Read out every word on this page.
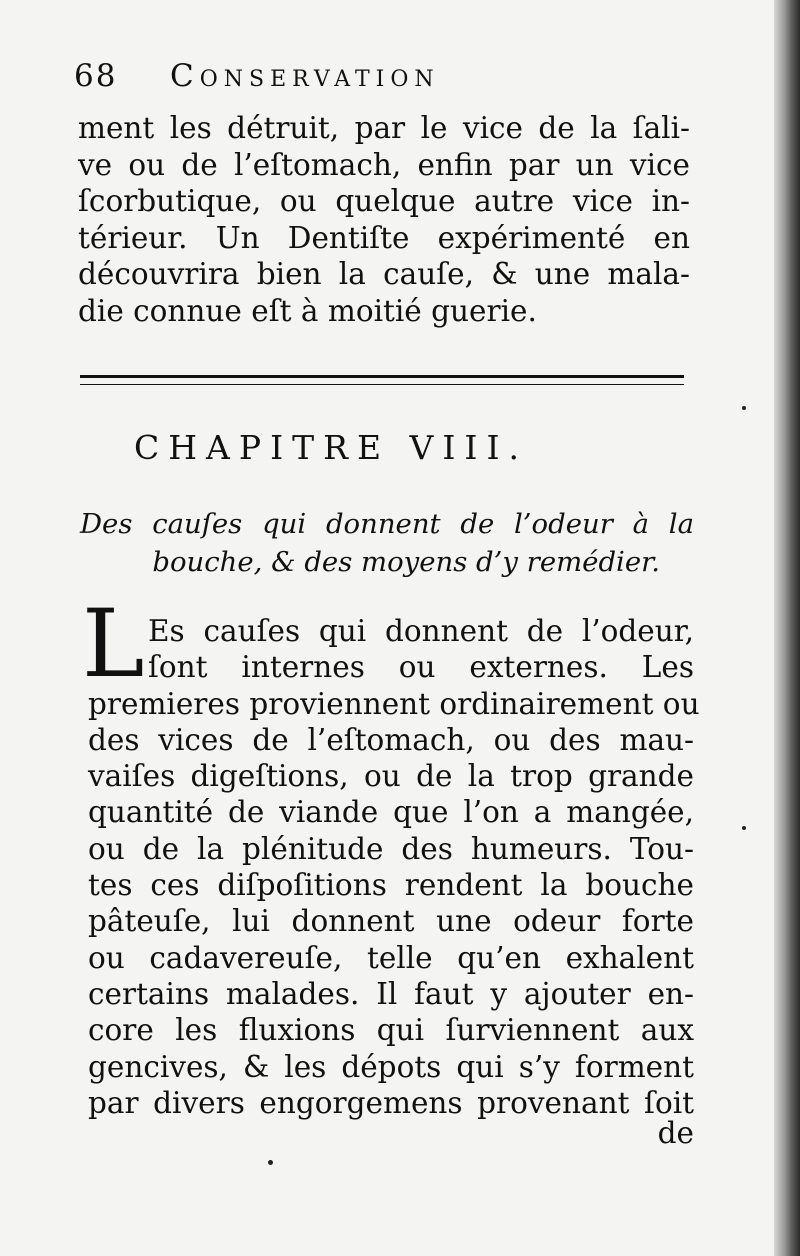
68 Conservation
ment les détruit, par le vice de la ſali-
ve ou de l’eſtomach, enfin par un vice
ſcorbutique, ou quelque autre vice in-
térieur. Un Dentiſte expérimenté en
découvrira bien la cauſe, & une mala-
die connue eſt à moitié guerie.
CHAPITRE VIII.
Des cauſes qui donnent de l’odeur à la
bouche, & des moyens d’y remédier.
L Es cauſes qui donnent de l’odeur,
ſont internes ou externes. Les
premieres proviennent ordinairement ou
des vices de l’eſtomach, ou des mau-
vaiſes digeſtions, ou de la trop grande
quantité de viande que l’on a mangée,
ou de la plénitude des humeurs. Tou-
tes ces diſpoſitions rendent la bouche
pâteuſe, lui donnent une odeur forte
ou cadavereuſe, telle qu’en exhalent
certains malades. Il faut y ajouter en-
core les fluxions qui ſurviennent aux
gencives, & les dépots qui s’y forment
par divers engorgemens provenant ſoit
de
